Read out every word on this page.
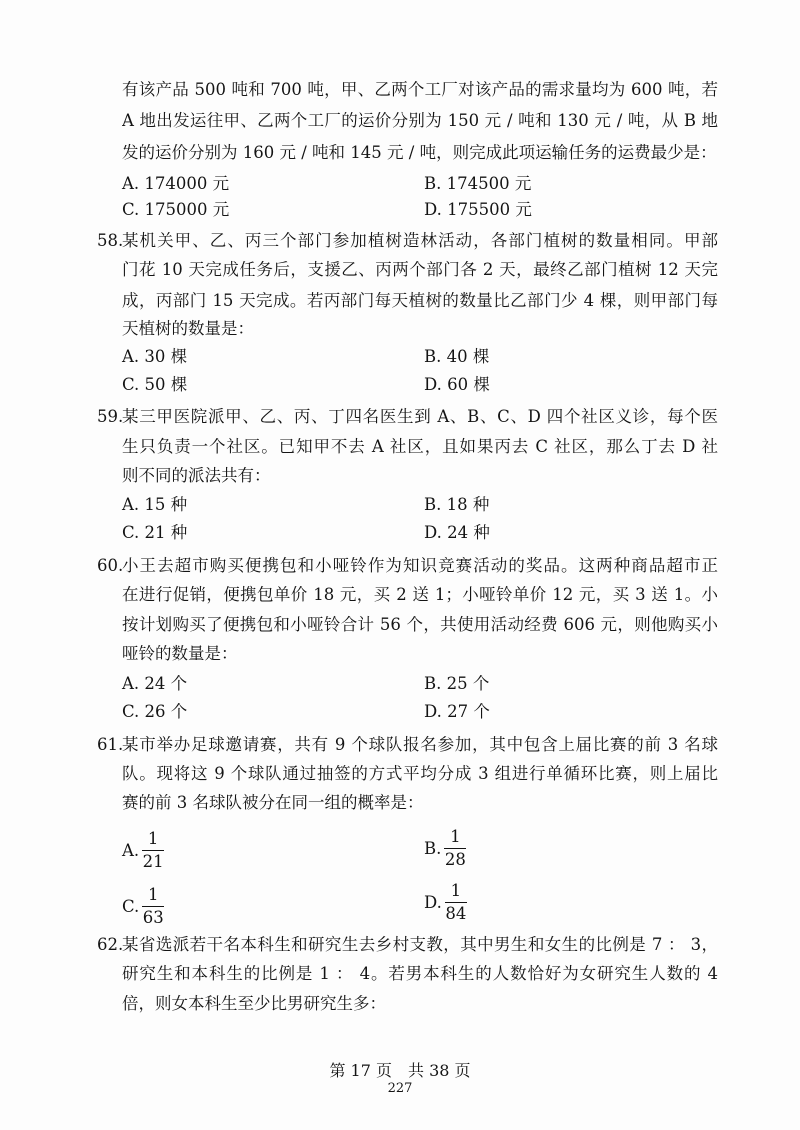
有该产品 500 吨和 700 吨，甲、乙两个工厂对该产品的需求量均为 600 吨，若
A 地出发运往甲、乙两个工厂的运价分别为 150 元 / 吨和 130 元 / 吨，从 B 地
发的运价分别为 160 元 / 吨和 145 元 / 吨，则完成此项运输任务的运费最少是：
A. 174000 元	B. 174500 元
C. 175000 元	D. 175500 元
58.
某机关甲、乙、丙三个部门参加植树造林活动，各部门植树的数量相同。甲部
门花 10 天完成任务后，支援乙、丙两个部门各 2 天，最终乙部门植树 12 天完
成，丙部门 15 天完成。若丙部门每天植树的数量比乙部门少 4 棵，则甲部门每
天植树的数量是：
A. 30 棵	B. 40 棵
C. 50 棵	D. 60 棵
59.
某三甲医院派甲、乙、丙、丁四名医生到 A、B、C、D 四个社区义诊，每个医
生只负责一个社区。已知甲不去 A 社区，且如果丙去 C 社区，那么丁去 D 社
则不同的派法共有：
A. 15 种	B. 18 种
C. 21 种	D. 24 种
60.
小王去超市购买便携包和小哑铃作为知识竞赛活动的奖品。这两种商品超市正
在进行促销，便携包单价 18 元，买 2 送 1；小哑铃单价 12 元，买 3 送 1。小
按计划购买了便携包和小哑铃合计 56 个，共使用活动经费 606 元，则他购买小
哑铃的数量是：
A. 24 个	B. 25 个
C. 26 个	D. 27 个
61.
某市举办足球邀请赛，共有 9 个球队报名参加，其中包含上届比赛的前 3 名球
队。现将这 9 个球队通过抽签的方式平均分成 3 组进行单循环比赛，则上届比
赛的前 3 名球队被分在同一组的概率是：
A. $\frac{1}{21}$	B. $\frac{1}{28}$
C. $\frac{1}{63}$	D. $\frac{1}{84}$
62.
某省选派若干名本科生和研究生去乡村支教，其中男生和女生的比例是 7 ： 3，
研究生和本科生的比例是 1 ： 4。若男本科生的人数恰好为女研究生人数的 4
倍，则女本科生至少比男研究生多：
第 17 页　共 38 页
227
